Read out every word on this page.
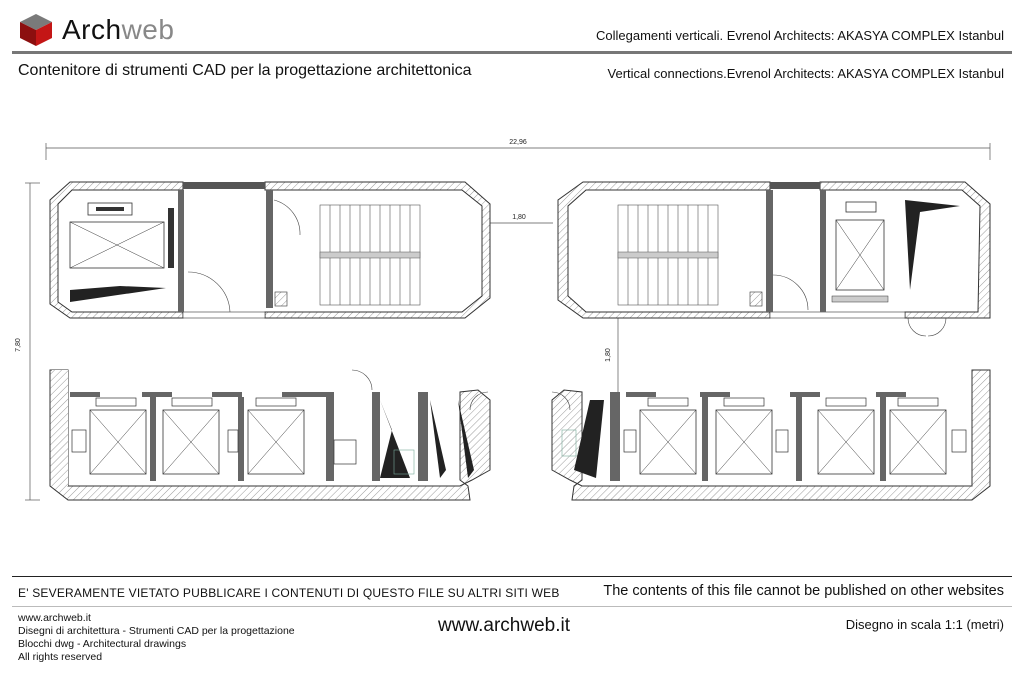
Archweb	Collegamenti verticali. Evrenol Architects: AKASYA COMPLEX Istanbul
Contenitore di strumenti CAD per la progettazione architettonica	Vertical connections.Evrenol Architects: AKASYA COMPLEX Istanbul
22,96
7,80
1,80
1,80
E' SEVERAMENTE VIETATO PUBBLICARE I CONTENUTI DI QUESTO FILE SU ALTRI SITI WEB	The contents of this file cannot be published on other websites
www.archweb.it
Disegni di architettura - Strumenti CAD per la progettazione
Blocchi dwg - Architectural drawings
All rights reserved
www.archweb.it	Disegno in scala 1:1 (metri)
